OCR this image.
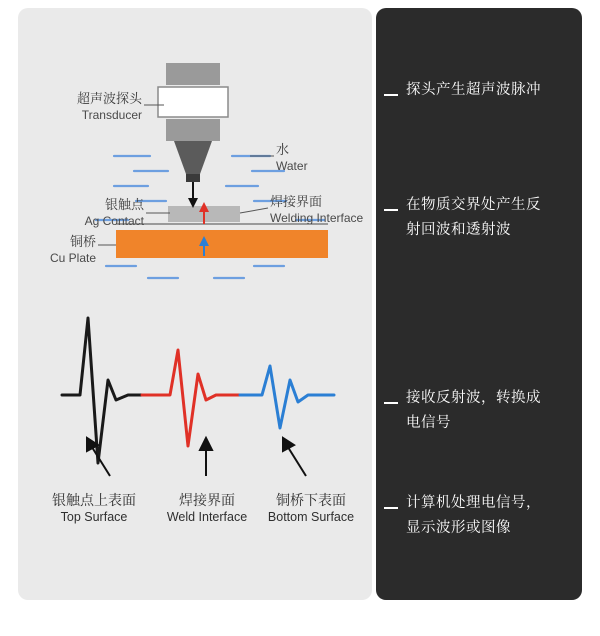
超声波探头
Transducer
水
Water
银触点
Ag Contact
焊接界面
Welding Interface
铜桥
Cu Plate
银触点上表面
Top Surface
焊接界面
Weld Interface
铜桥下表面
Bottom Surface
探头产生超声波脉冲
在物质交界处产生反
射回波和透射波
接收反射波，转换成
电信号
计算机处理电信号，
显示波形或图像
